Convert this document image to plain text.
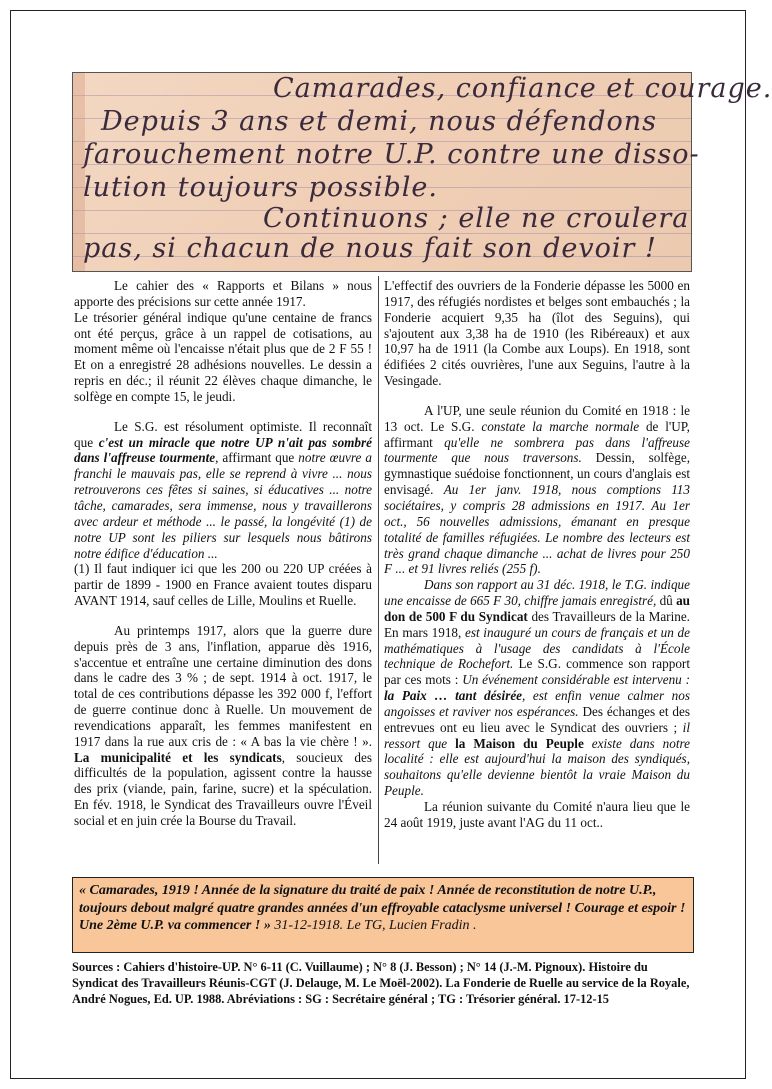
Camarades, confiance et courage.
Depuis 3 ans et demi, nous défendons
farouchement notre U.P. contre une disso-
lution toujours possible.
Continuons ; elle ne croulera
pas, si chacun de nous fait son devoir !

Le cahier des « Rapports et Bilans » nous apporte des précisions sur cette année 1917.

Le trésorier général indique qu'une centaine de francs ont été perçus, grâce à un rappel de cotisations, au moment même où l'encaisse n'était plus que de 2 F 55 ! Et on a enregistré 28 adhésions nouvelles. Le dessin a repris en déc.; il réunit 22 élèves chaque dimanche, le solfège en compte 15, le jeudi.

Le S.G. est résolument optimiste. Il reconnaît que c'est un miracle que notre UP n'ait pas sombré dans l'affreuse tourmente, affirmant que notre œuvre a franchi le mauvais pas, elle se reprend à vivre ... nous retrouverons ces fêtes si saines, si éducatives ... notre tâche, camarades, sera immense, nous y travaillerons avec ardeur et méthode ... le passé, la longévité (1) de notre UP sont les piliers sur lesquels nous bâtirons notre édifice d'éducation ...

(1) Il faut indiquer ici que les 200 ou 220 UP créées à partir de 1899 - 1900 en France avaient toutes disparu AVANT 1914, sauf celles de Lille, Moulins et Ruelle.

Au printemps 1917, alors que la guerre dure depuis près de 3 ans, l'inflation, apparue dès 1916, s'accentue et entraîne une certaine diminution des dons dans le cadre des 3 % ; de sept. 1914 à oct. 1917, le total de ces contributions dépasse les 392 000 f, l'effort de guerre continue donc à Ruelle. Un mouvement de revendications apparaît, les femmes manifestent en 1917 dans la rue aux cris de : « A bas la vie chère ! ». La municipalité et les syndicats, soucieux des difficultés de la population, agissent contre la hausse des prix (viande, pain, farine, sucre) et la spéculation. En fév. 1918, le Syndicat des Travailleurs ouvre l'Éveil social et en juin crée la Bourse du Travail.

L'effectif des ouvriers de la Fonderie dépasse les 5000 en 1917, des réfugiés nordistes et belges sont embauchés ; la Fonderie acquiert 9,35 ha (îlot des Seguins), qui s'ajoutent aux 3,38 ha de 1910 (les Ribéreaux) et aux 10,97 ha de 1911 (la Combe aux Loups). En 1918, sont édifiées 2 cités ouvrières, l'une aux Seguins, l'autre à la Vesingade.

A l'UP, une seule réunion du Comité en 1918 : le 13 oct. Le S.G. constate la marche normale de l'UP, affirmant qu'elle ne sombrera pas dans l'affreuse tourmente que nous traversons. Dessin, solfège, gymnastique suédoise fonctionnent, un cours d'anglais est envisagé. Au 1er janv. 1918, nous comptions 113 sociétaires, y compris 28 admissions en 1917. Au 1er oct., 56 nouvelles admissions, émanant en presque totalité de familles réfugiées. Le nombre des lecteurs est très grand chaque dimanche ... achat de livres pour 250 F ... et 91 livres reliés (255 f).

Dans son rapport au 31 déc. 1918, le T.G. indique une encaisse de 665 F 30, chiffre jamais enregistré, dû au don de 500 F du Syndicat des Travailleurs de la Marine. En mars 1918, est inauguré un cours de français et un de mathématiques à l'usage des candidats à l'École technique de Rochefort. Le S.G. commence son rapport par ces mots : Un événement considérable est intervenu : la Paix … tant désirée, est enfin venue calmer nos angoisses et raviver nos espérances. Des échanges et des entrevues ont eu lieu avec le Syndicat des ouvriers ; il ressort que la Maison du Peuple existe dans notre localité : elle est aujourd'hui la maison des syndiqués, souhaitons qu'elle devienne bientôt la vraie Maison du Peuple.

La réunion suivante du Comité n'aura lieu que le 24 août 1919, juste avant l'AG du 11 oct..

« Camarades, 1919 ! Année de la signature du traité de paix ! Année de reconstitution de notre U.P., toujours debout malgré quatre grandes années d'un effroyable cataclysme universel ! Courage et espoir ! Une 2ème U.P. va commencer ! » 31-12-1918. Le TG, Lucien Fradin .
Sources : Cahiers d'histoire-UP. N° 6-11 (C. Vuillaume) ; N° 8 (J. Besson) ; N° 14 (J.-M. Pignoux). Histoire du Syndicat des Travailleurs Réunis-CGT (J. Delauge, M. Le Moël-2002). La Fonderie de Ruelle au service de la Royale, André Nogues, Ed. UP. 1988. Abréviations : SG : Secrétaire général ; TG : Trésorier général. 17-12-15
